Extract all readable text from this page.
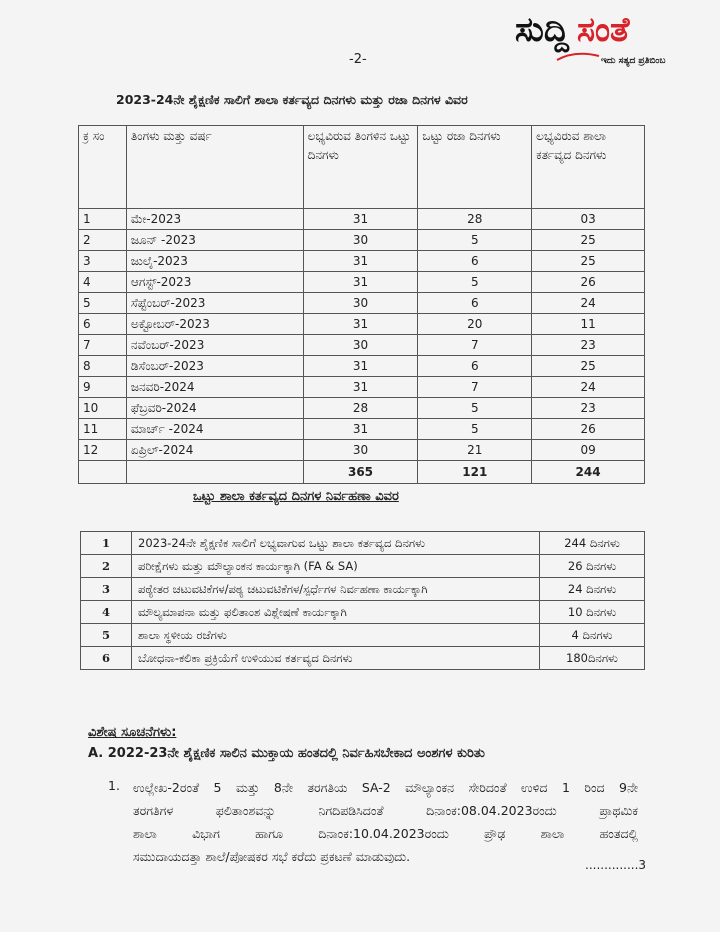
ಸುದ್ದಿ ಸಂತೆ
ಇದು ಸತ್ಯದ ಪ್ರತಿಬಿಂಬ
-2-
2023-24ನೇ ಶೈಕ್ಷಣಿಕ ಸಾಲಿಗೆ ಶಾಲಾ ಕರ್ತವ್ಯದ ದಿನಗಳು ಮತ್ತು ರಜಾ ದಿನಗಳ ವಿವರ
ಕ್ರ ಸಂ	ತಿಂಗಳು ಮತ್ತು ವರ್ಷ	ಲಭ್ಯವಿರುವ ತಿಂಗಳಿನ ಒಟ್ಟು ದಿನಗಳು	ಒಟ್ಟು ರಜಾ ದಿನಗಳು	ಲಭ್ಯವಿರುವ ಶಾಲಾ ಕರ್ತವ್ಯದ ದಿನಗಳು
1	ಮೇ-2023	31	28	03
2	ಜೂನ್ -2023	30	5	25
3	ಜುಲೈ-2023	31	6	25
4	ಆಗಸ್ಟ್-2023	31	5	26
5	ಸೆಪ್ಟೆಂಬರ್-2023	30	6	24
6	ಅಕ್ಟೋಬರ್-2023	31	20	11
7	ನವೆಂಬರ್-2023	30	7	23
8	ಡಿಸೆಂಬರ್-2023	31	6	25
9	ಜನವರಿ-2024	31	7	24
10	ಫೆಬ್ರವರಿ-2024	28	5	23
11	ಮಾರ್ಚ್ -2024	31	5	26
12	ಏಪ್ರಿಲ್-2024	30	21	09
		365	121	244
ಒಟ್ಟು ಶಾಲಾ ಕರ್ತವ್ಯದ ದಿನಗಳ ನಿರ್ವಹಣಾ ವಿವರ
1	2023-24ನೇ ಶೈಕ್ಷಣಿಕ ಸಾಲಿಗೆ ಲಭ್ಯವಾಗುವ ಒಟ್ಟು ಶಾಲಾ ಕರ್ತವ್ಯದ ದಿನಗಳು	244 ದಿನಗಳು
2	ಪರೀಕ್ಷೆಗಳು ಮತ್ತು ಮೌಲ್ಯಾಂಕನ ಕಾರ್ಯಕ್ಕಾಗಿ (FA & SA)	26 ದಿನಗಳು
3	ಪಠ್ಯೇತರ ಚಟುವಟಿಕೆಗಳ/ಪಠ್ಯ ಚಟುವಟಿಕೆಗಳ/ಸ್ಪರ್ಧೆಗಳ ನಿರ್ವಹಣಾ ಕಾರ್ಯಕ್ಕಾಗಿ	24 ದಿನಗಳು
4	ಮೌಲ್ಯಮಾಪನಾ ಮತ್ತು ಫಲಿತಾಂಶ ವಿಶ್ಲೇಷಣೆ ಕಾರ್ಯಕ್ಕಾಗಿ	10 ದಿನಗಳು
5	ಶಾಲಾ ಸ್ಥಳೀಯ ರಜೆಗಳು	4 ದಿನಗಳು
6	ಬೋಧನಾ-ಕಲಿಕಾ ಪ್ರಕ್ರಿಯೆಗೆ ಉಳಿಯುವ ಕರ್ತವ್ಯದ ದಿನಗಳು	180ದಿನಗಳು
ವಿಶೇಷ ಸೂಚನೆಗಳು:
A. 2022-23ನೇ ಶೈಕ್ಷಣಿಕ ಸಾಲಿನ ಮುಕ್ತಾಯ ಹಂತದಲ್ಲಿ ನಿರ್ವಹಿಸಬೇಕಾದ ಅಂಶಗಳ ಕುರಿತು
1. ಉಲ್ಲೇಖ-2ರಂತೆ 5 ಮತ್ತು 8ನೇ ತರಗತಿಯ SA-2 ಮೌಲ್ಯಾಂಕನ ಸೇರಿದಂತೆ ಉಳಿದ 1 ರಿಂದ 9ನೇ
ತರಗತಿಗಳ ಫಲಿತಾಂಶವನ್ನು ನಿಗದಿಪಡಿಸಿದಂತೆ ದಿನಾಂಕ:08.04.2023ರಂದು ಪ್ರಾಥಮಿಕ
ಶಾಲಾ ವಿಭಾಗ ಹಾಗೂ ದಿನಾಂಕ:10.04.2023ರಂದು ಪ್ರೌಢ ಶಾಲಾ ಹಂತದಲ್ಲಿ
ಸಮುದಾಯದತ್ತಾ ಶಾಲೆ/ಪೋಷಕರ ಸಭೆ ಕರೆದು ಪ್ರಕಟಣೆ ಮಾಡುವುದು.
..............3
